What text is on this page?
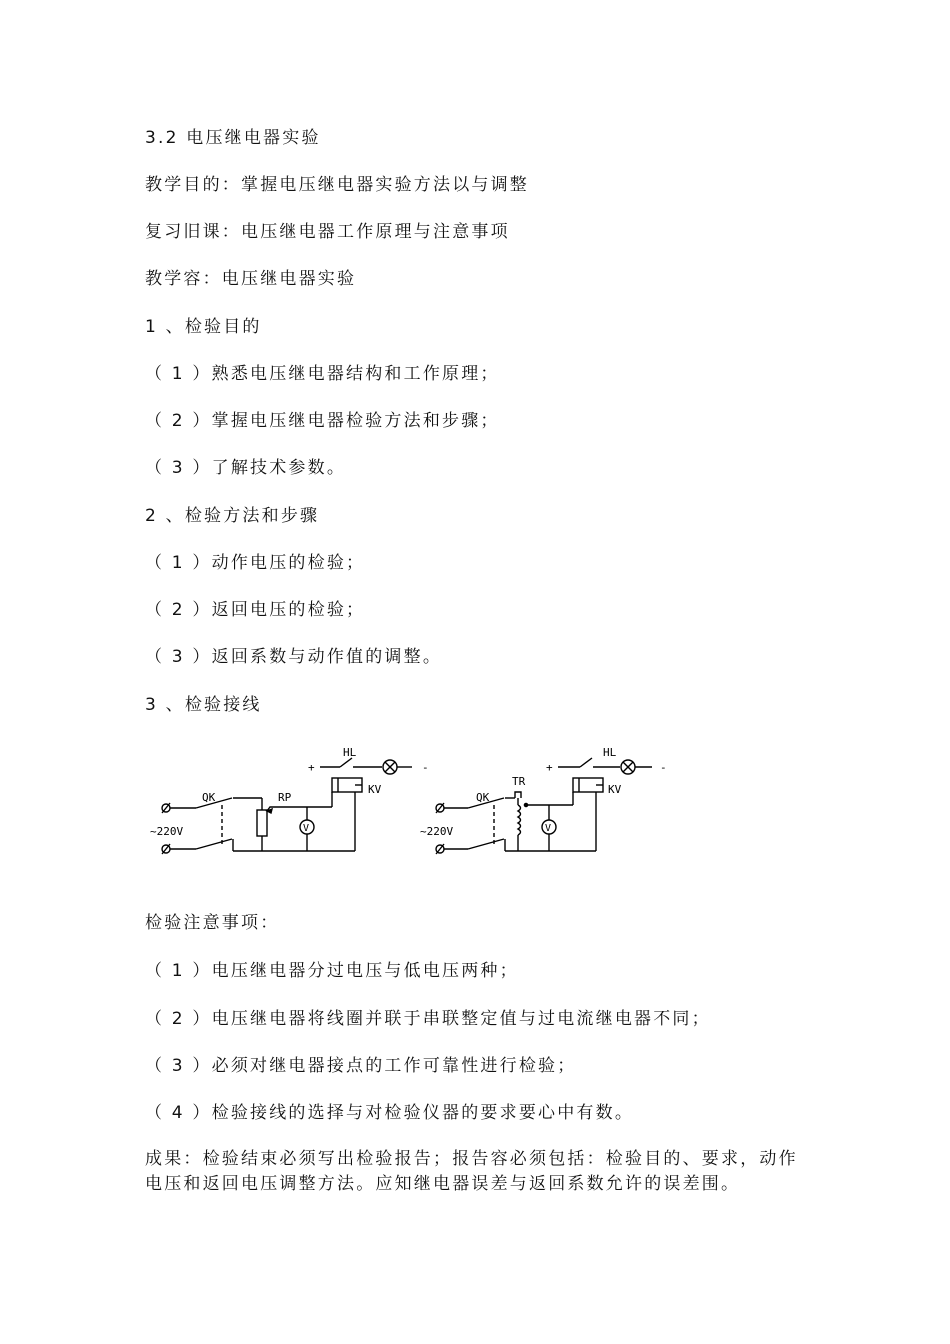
3.2 电压继电器实验
教学目的：掌握电压继电器实验方法以与调整
复习旧课：电压继电器工作原理与注意事项
教学容：电压继电器实验
1 、检验目的
（ 1 ）熟悉电压继电器结构和工作原理；
（ 2 ）掌握电压继电器检验方法和步骤；
（ 3 ）了解技术参数。
2 、检验方法和步骤
（ 1 ）动作电压的检验；
（ 2 ）返回电压的检验；
（ 3 ）返回系数与动作值的调整。
3 、检验接线
+
HL
-
KV
~220V
QK	RP
V
+
HL
-
KV
~220V
QK
TR
V
检验注意事项：
（ 1 ）电压继电器分过电压与低电压两种；
（ 2 ）电压继电器将线圈并联于串联整定值与过电流继电器不同；
（ 3 ）必须对继电器接点的工作可靠性进行检验；
（ 4 ）检验接线的选择与对检验仪器的要求要心中有数。
成果：检验结束必须写出检验报告；报告容必须包括：检验目的、要求，动作电压和返回电压调整方法。应知继电器误差与返回系数允许的误差围。
